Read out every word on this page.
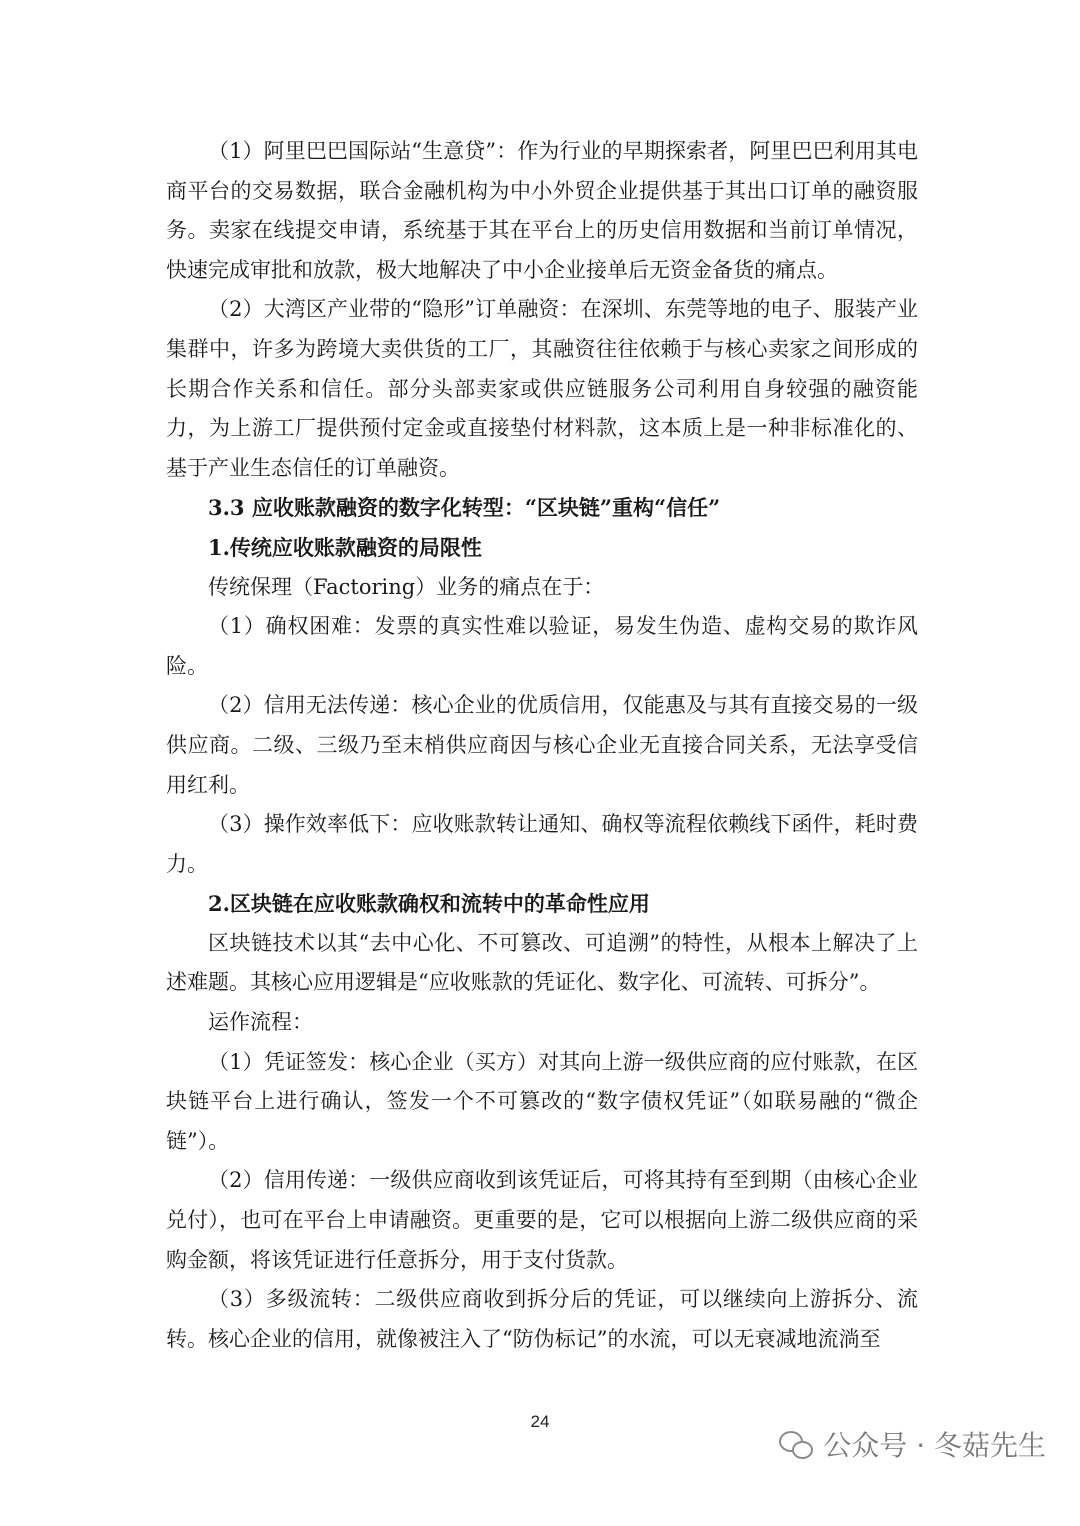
（1）阿里巴巴国际站“生意贷”：作为行业的早期探索者，阿里巴巴利用其电商平台的交易数据，联合金融机构为中小外贸企业提供基于其出口订单的融资服务。卖家在线提交申请，系统基于其在平台上的历史信用数据和当前订单情况，快速完成审批和放款，极大地解决了中小企业接单后无资金备货的痛点。

（2）大湾区产业带的“隐形”订单融资：在深圳、东莞等地的电子、服装产业集群中，许多为跨境大卖供货的工厂，其融资往往依赖于与核心卖家之间形成的长期合作关系和信任。部分头部卖家或供应链服务公司利用自身较强的融资能力，为上游工厂提供预付定金或直接垫付材料款，这本质上是一种非标准化的、基于产业生态信任的订单融资。

3.3 应收账款融资的数字化转型：“区块链”重构“信任”

1.传统应收账款融资的局限性

传统保理（Factoring）业务的痛点在于：

（1）确权困难：发票的真实性难以验证，易发生伪造、虚构交易的欺诈风险。

（2）信用无法传递：核心企业的优质信用，仅能惠及与其有直接交易的一级供应商。二级、三级乃至末梢供应商因与核心企业无直接合同关系，无法享受信用红利。

（3）操作效率低下：应收账款转让通知、确权等流程依赖线下函件，耗时费力。

2.区块链在应收账款确权和流转中的革命性应用

区块链技术以其“去中心化、不可篡改、可追溯”的特性，从根本上解决了上述难题。其核心应用逻辑是“应收账款的凭证化、数字化、可流转、可拆分”。

运作流程：

（1）凭证签发：核心企业（买方）对其向上游一级供应商的应付账款，在区块链平台上进行确认，签发一个不可篡改的“数字债权凭证”（如联易融的“微企链”）。

（2）信用传递：一级供应商收到该凭证后，可将其持有至到期（由核心企业兑付），也可在平台上申请融资。更重要的是，它可以根据向上游二级供应商的采购金额，将该凭证进行任意拆分，用于支付货款。

（3）多级流转：二级供应商收到拆分后的凭证，可以继续向上游拆分、流转。核心企业的信用，就像被注入了“防伪标记”的水流，可以无衰减地流淌至

24
公众号 · 冬菇先生
